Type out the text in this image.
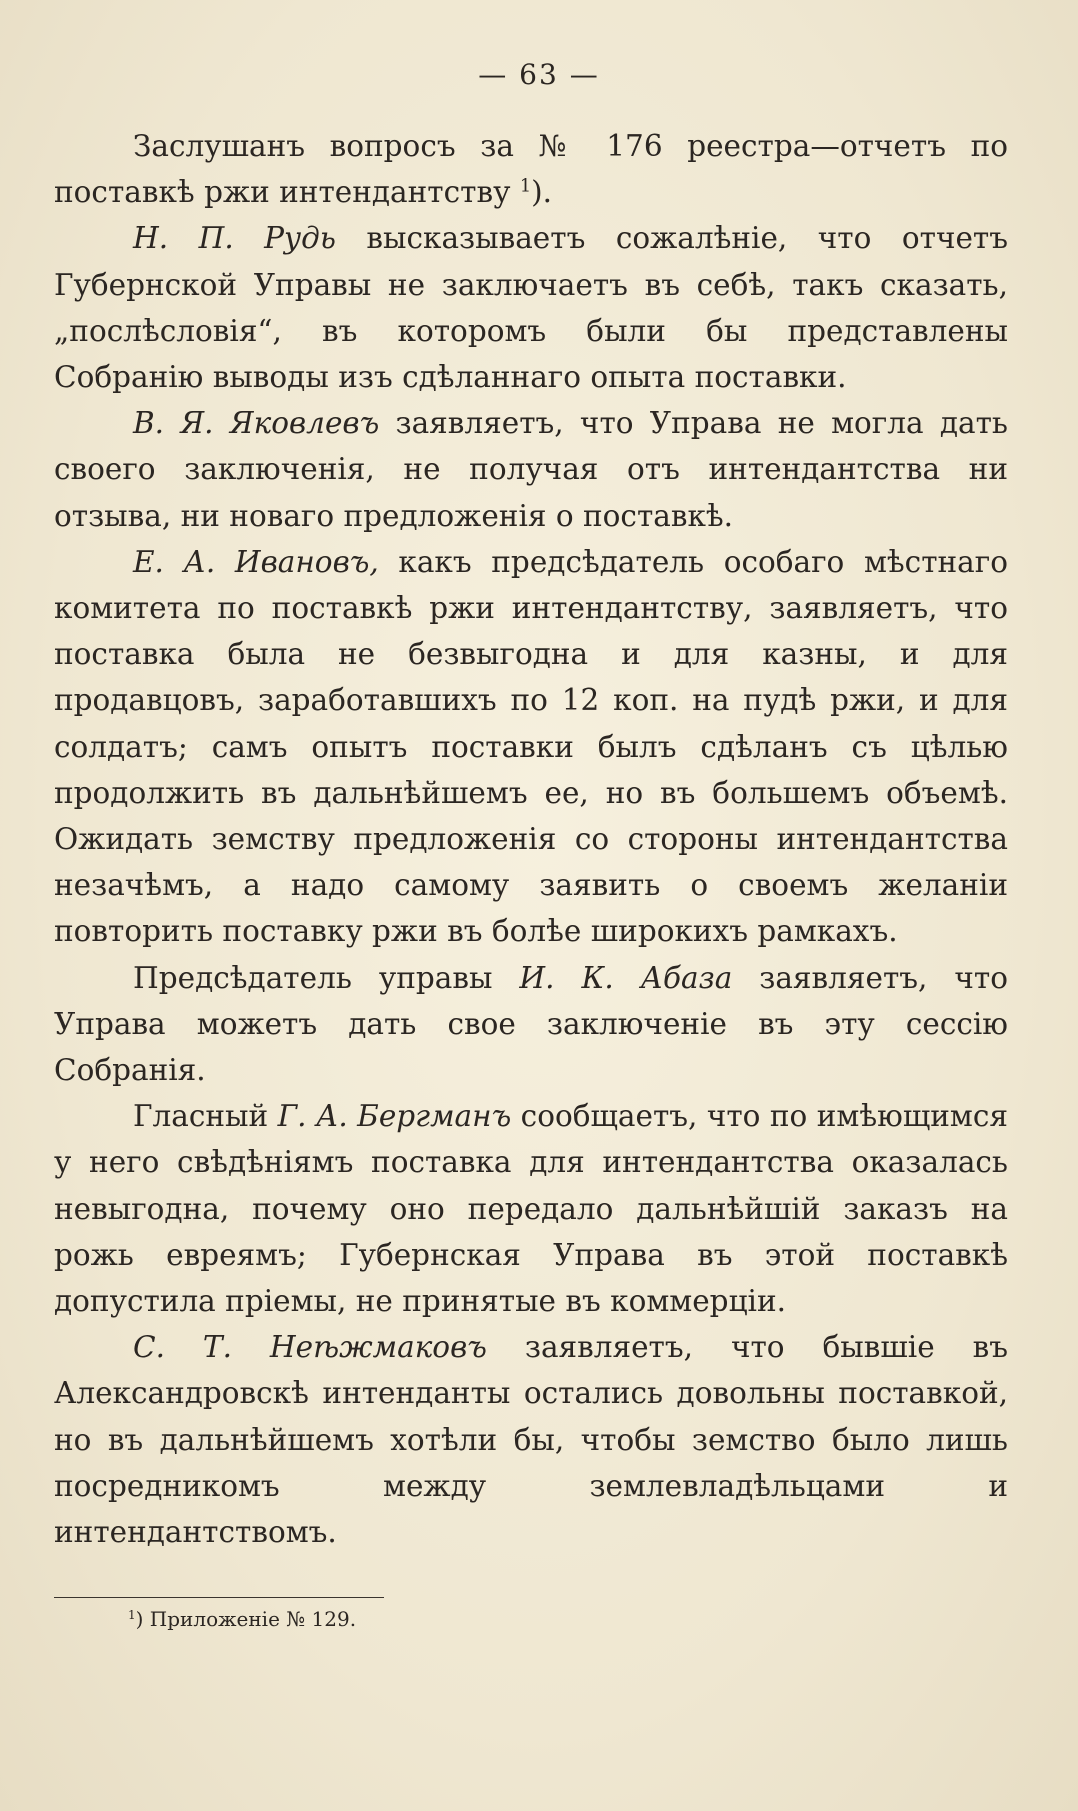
— 63 —

Заслушанъ вопросъ за № 176 реестра—отчетъ по поставкѣ ржи интендантству $^1$).

Н. П. Рудь высказываетъ сожалѣніе, что отчетъ Губернской Управы не заключаетъ въ себѣ, такъ сказать, „послѣсловія“, въ которомъ были бы представлены Собранію выводы изъ сдѣланнаго опыта поставки.

В. Я. Яковлевъ заявляетъ, что Управа не могла дать своего заключенія, не получая отъ интендантства ни отзыва, ни новаго предложенія о поставкѣ.

Е. А. Ивановъ, какъ предсѣдатель особаго мѣстнаго комитета по поставкѣ ржи интендантству, заявляетъ, что поставка была не безвыгодна и для казны, и для продавцовъ, заработавшихъ по 12 коп. на пудѣ ржи, и для солдатъ; самъ опытъ поставки былъ сдѣланъ съ цѣлью продолжить въ дальнѣйшемъ ее, но въ большемъ объемѣ. Ожидать земству предложенія со стороны интендантства незачѣмъ, а надо самому заявить о своемъ желаніи повторить поставку ржи въ болѣе широкихъ рамкахъ.

Предсѣдатель управы И. К. Абаза заявляетъ, что Управа можетъ дать свое заключеніе въ эту сессію Собранія.

Гласный Г. А. Бергманъ сообщаетъ, что по имѣющимся у него свѣдѣніямъ поставка для интендантства оказалась невыгодна, почему оно передало дальнѣйшій заказъ на рожь евреямъ; Губернская Управа въ этой поставкѣ допустила пріемы, не принятые въ коммерціи.

С. Т. Неѣжмаковъ заявляетъ, что бывшіе въ Александровскѣ интенданты остались довольны поставкой, но въ дальнѣйшемъ хотѣли бы, чтобы земство было лишь посредникомъ между землевладѣльцами и интендантствомъ.

$^1$) Приложеніе № 129.
